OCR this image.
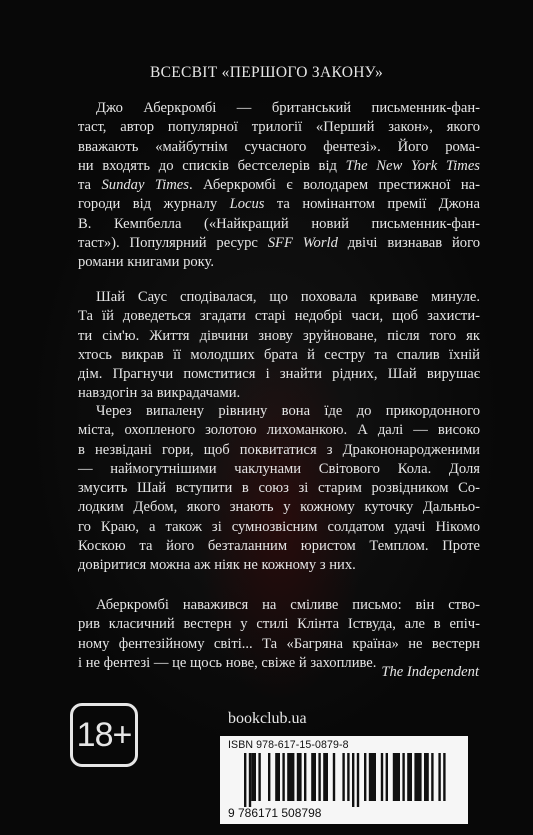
ВСЕСВІТ «ПЕРШОГО ЗАКОНУ»
Джо Аберкромбі — британський письменник-фан-
таст, автор популярної трилогії «Перший закон», якого
вважають «майбутнім сучасного фентезі». Його рома-
ни входять до списків бестселерів від The New York Times
та Sunday Times. Аберкромбі є володарем престижної на-
городи від журналу Locus та номінантом премії Джона
В. Кемпбелла («Найкращий новий письменник-фан-
таст»). Популярний ресурс SFF World двічі визнавав його
романи книгами року.
Шай Саус сподівалася, що поховала криваве минуле.
Та їй доведеться згадати старі недобрі часи, щоб захисти-
ти сім'ю. Життя дівчини знову зруйноване, після того як
хтось викрав її молодших брата й сестру та спалив їхній
дім. Прагнучи помститися і знайти рідних, Шай вирушає
навздогін за викрадачами.
Через випалену рівнину вона їде до прикордонного
міста, охопленого золотою лихоманкою. А далі — високо
в незвідані гори, щоб поквитатися з Дракононародженими
— наймогутнішими чаклунами Світового Кола. Доля
змусить Шай вступити в союз зі старим розвідником Со-
лодким Дебом, якого знають у кожному куточку Дальньо-
го Краю, а також зі сумнозвісним солдатом удачі Нікомо
Коскою та його безталанним юристом Темплом. Проте
довіритися можна аж ніяк не кожному з них.
Аберкромбі наважився на сміливе письмо: він ство-
рив класичний вестерн у стилі Клінта Іствуда, але в епіч-
ному фентезійному світі... Та «Багряна країна» не вестерн
і не фентезі — це щось нове, свіже й захопливе.
The Independent
18+	bookclub.ua
ISBN 978-617-15-0879-8
9 786171 508798
